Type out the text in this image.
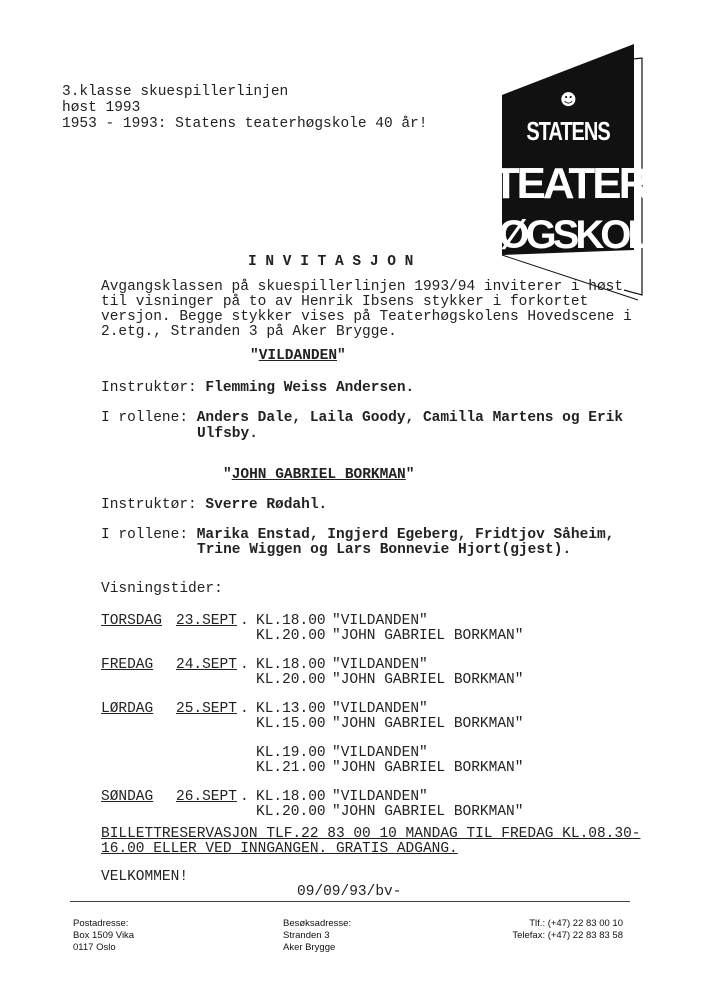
3.klasse skuespillerlinjen
høst 1993
1953 - 1993: Statens teaterhøgskole 40 år!
☻
STATENS
TEATER
HØGSKOLE
I N V I T A S J O N
Avgangsklassen på skuespillerlinjen 1993/94 inviterer i høst
til visninger på to av Henrik Ibsens stykker i forkortet
versjon. Begge stykker vises på Teaterhøgskolens Hovedscene i
2.etg., Stranden 3 på Aker Brygge.
"VILDANDEN"
Instruktør: Flemming Weiss Andersen.
I rollene: Anders Dale, Laila Goody, Camilla Martens og Erik
Ulfsby.
"JOHN GABRIEL BORKMAN"
Instruktør: Sverre Rødahl.
I rollene: Marika Enstad, Ingjerd Egeberg, Fridtjov Såheim,
Trine Wiggen og Lars Bonnevie Hjort(gjest).
Visningstider:
TORSDAG 23.SEPT . KL.18.00 "VILDANDEN"
KL.20.00 "JOHN GABRIEL BORKMAN"
FREDAG 24.SEPT . KL.18.00 "VILDANDEN"
KL.20.00 "JOHN GABRIEL BORKMAN"
LØRDAG 25.SEPT . KL.13.00 "VILDANDEN"
KL.15.00 "JOHN GABRIEL BORKMAN"
KL.19.00 "VILDANDEN"
KL.21.00 "JOHN GABRIEL BORKMAN"
SØNDAG 26.SEPT . KL.18.00 "VILDANDEN"
KL.20.00 "JOHN GABRIEL BORKMAN"
BILLETTRESERVASJON TLF.22 83 00 10 MANDAG TIL FREDAG KL.08.30-
16.00 ELLER VED INNGANGEN. GRATIS ADGANG.
VELKOMMEN!
09/09/93/bv-
Postadresse:
Box 1509 Vika
0117 Oslo
Besøksadresse:
Stranden 3
Aker Brygge
Tlf.: (+47) 22 83 00 10
Telefax: (+47) 22 83 83 58
